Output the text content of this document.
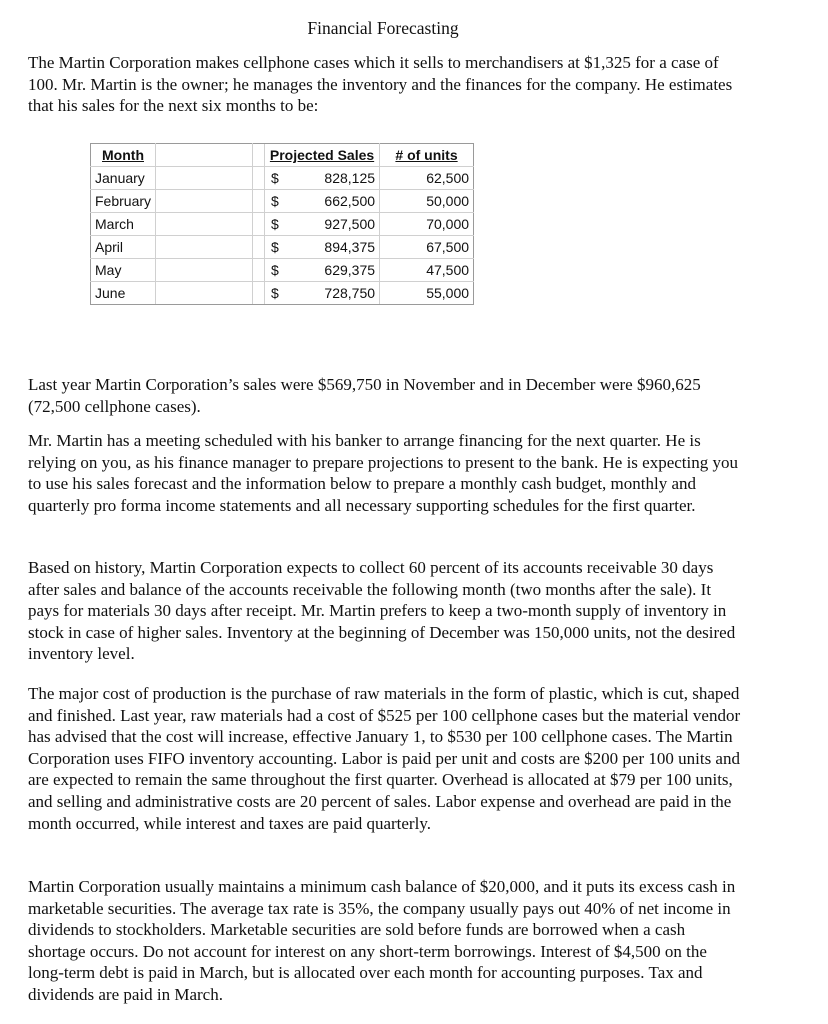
Financial Forecasting

The Martin Corporation makes cellphone cases which it sells to merchandisers at $1,325 for a case of 100. Mr. Martin is the owner; he manages the inventory and the finances for the company. He estimates that his sales for the next six months to be:

Month			Projected Sales		# of units
January			$	828,125	62,500
February			$	662,500	50,000
March			$	927,500	70,000
April			$	894,375	67,500
May			$	629,375	47,500
June			$	728,750	55,000

Last year Martin Corporation’s sales were $569,750 in November and in December were $960,625 (72,500 cellphone cases).

Mr. Martin has a meeting scheduled with his banker to arrange financing for the next quarter. He is relying on you, as his finance manager to prepare projections to present to the bank. He is expecting you to use his sales forecast and the information below to prepare a monthly cash budget, monthly and quarterly pro forma income statements and all necessary supporting schedules for the first quarter.

Based on history, Martin Corporation expects to collect 60 percent of its accounts receivable 30 days after sales and balance of the accounts receivable the following month (two months after the sale). It pays for materials 30 days after receipt. Mr. Martin prefers to keep a two-month supply of inventory in stock in case of higher sales. Inventory at the beginning of December was 150,000 units, not the desired inventory level.

The major cost of production is the purchase of raw materials in the form of plastic, which is cut, shaped and finished. Last year, raw materials had a cost of $525 per 100 cellphone cases but the material vendor has advised that the cost will increase, effective January 1, to $530 per 100 cellphone cases. The Martin Corporation uses FIFO inventory accounting. Labor is paid per unit and costs are $200 per 100 units and are expected to remain the same throughout the first quarter. Overhead is allocated at $79 per 100 units, and selling and administrative costs are 20 percent of sales. Labor expense and overhead are paid in the month occurred, while interest and taxes are paid quarterly.

Martin Corporation usually maintains a minimum cash balance of $20,000, and it puts its excess cash in marketable securities. The average tax rate is 35%, the company usually pays out 40% of net income in dividends to stockholders. Marketable securities are sold before funds are borrowed when a cash shortage occurs. Do not account for interest on any short-term borrowings. Interest of $4,500 on the long-term debt is paid in March, but is allocated over each month for accounting purposes. Tax and dividends are paid in March.
